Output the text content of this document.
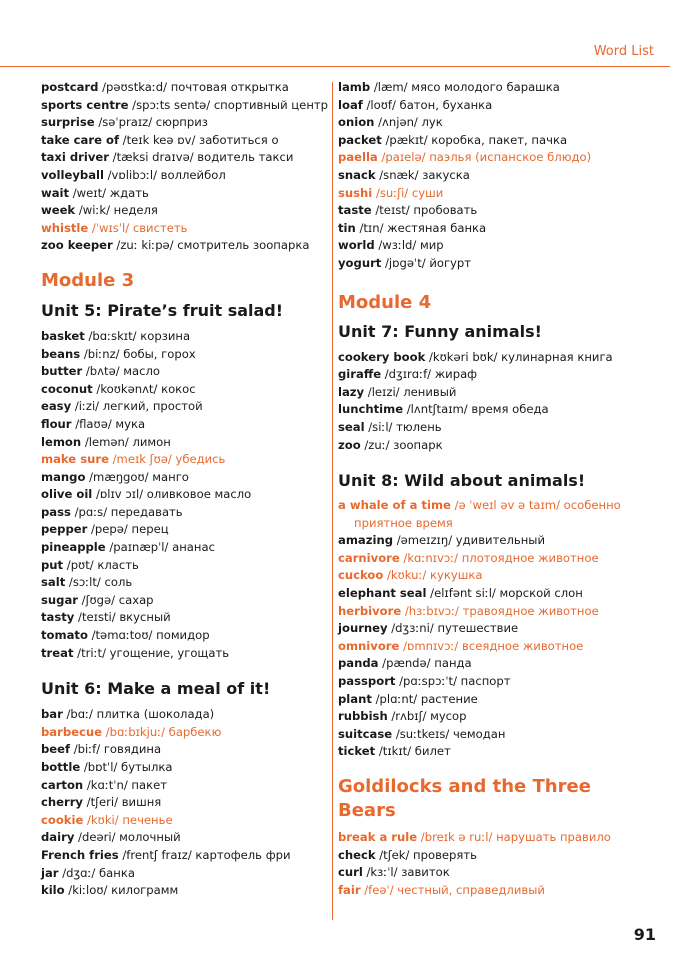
Word List
postcard /pəʊstkaːd/ почтовая открытка
sports centre /spɔːts sentə/ спортивный центр
surprise /səˈpraɪz/ сюрприз
take care of /teɪk keə ɒv/ заботиться о
taxi driver /tæksi draɪvə/ водитель такси
volleyball /vɒlibɔːl/ воллейбол
wait /weɪt/ ждать
week /wiːk/ неделя
whistle /ˈwɪsˈl/ свистеть
zoo keeper /zuː kiːpə/ смотритель зоопарка
Module 3
Unit 5: Pirate’s fruit salad!
basket /bɑːskɪt/ корзина
beans /biːnz/ бобы, горох
butter /bʌtə/ масло
coconut /koʊkənʌt/ кокос
easy /iːzi/ легкий, простой
flour /flaʊə/ мука
lemon /lemən/ лимон
make sure /meɪk ʃʊə/ убедись
mango /mæŋgoʊ/ манго
olive oil /ɒlɪv ɔɪl/ оливковое масло
pass /pɑːs/ передавать
pepper /pepə/ перец
pineapple /paɪnæpˈl/ ананас
put /pʊt/ класть
salt /sɔːlt/ соль
sugar /ʃʊgə/ сахар
tasty /teɪsti/ вкусный
tomato /təmɑːtoʊ/ помидор
treat /triːt/ угощение, угощать
Unit 6: Make a meal of it!
bar /bɑː/ плитка (шоколада)
barbecue /bɑːbɪkjuː/ барбекю
beef /biːf/ говядина
bottle /bɒtˈl/ бутылка
carton /kɑːtˈn/ пакет
cherry /tʃeri/ вишня
cookie /kʊki/ печенье
dairy /deəri/ молочный
French fries /frentʃ fraɪz/ картофель фри
jar /dʒɑː/ банка
kilo /kiːloʊ/ килограмм
lamb /læm/ мясо молодого барашка
loaf /loʊf/ батон, буханка
onion /ʌnjən/ лук
packet /pækɪt/ коробка, пакет, пачка
paella /paɪelə/ паэлья (испанское блюдо)
snack /snæk/ закуска
sushi /suːʃi/ суши
taste /teɪst/ пробовать
tin /tɪn/ жестяная банка
world /wɜːld/ мир
yogurt /jɒgəˈt/ йогурт
Module 4
Unit 7: Funny animals!
cookery book /kʊkəri bʊk/ кулинарная книга
giraffe /dʒɪrɑːf/ жираф
lazy /leɪzi/ ленивый
lunchtime /lʌntʃtaɪm/ время обеда
seal /siːl/ тюлень
zoo /zuː/ зоопарк
Unit 8: Wild about animals!
a whale of a time /ə ˈweɪl əv ə taɪm/ особенно приятное время
amazing /əmeɪzɪŋ/ удивительный
carnivore /kɑːnɪvɔː/ плотоядное животное
cuckoo /kʊkuː/ кукушка
elephant seal /elɪfənt siːl/ морской слон
herbivore /hɜːbɪvɔː/ травоядное животное
journey /dʒɜːni/ путешествие
omnivore /ɒmnɪvɔː/ всеядное животное
panda /pændə/ панда
passport /pɑːspɔːˈt/ паспорт
plant /plɑːnt/ растение
rubbish /rʌbɪʃ/ мусор
suitcase /suːtkeɪs/ чемодан
ticket /tɪkɪt/ билет
Goldilocks and the Three Bears
break a rule /breɪk ə ruːl/ нарушать правило
check /tʃek/ проверять
curl /kɜːˈl/ завиток
fair /feəˈ/ честный, справедливый
91
